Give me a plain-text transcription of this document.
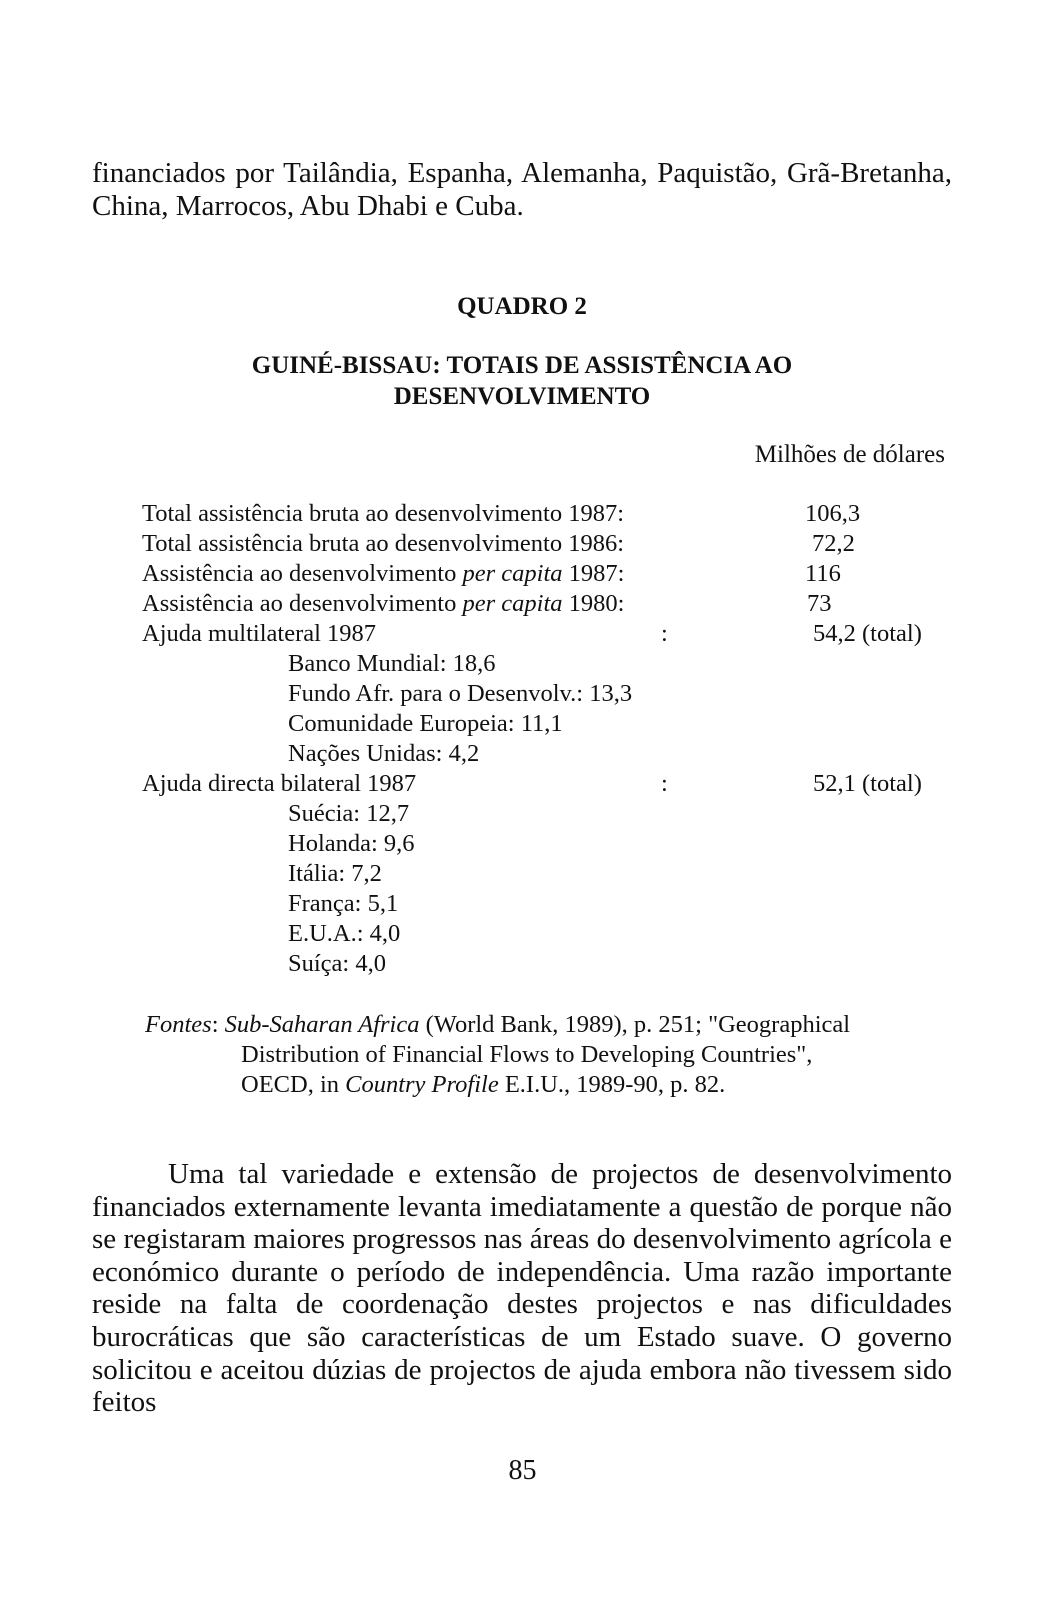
financiados por Tailândia, Espanha, Alemanha, Paquistão, Grã-Bretanha, China, Marrocos, Abu Dhabi e Cuba.

QUADRO 2

GUINÉ-BISSAU: TOTAIS DE ASSISTÊNCIA AO
DESENVOLVIMENTO

Milhões de dólares

Total assistência bruta ao desenvolvimento 1987:	106,3

Total assistência bruta ao desenvolvimento 1986:	72,2

Assistência ao desenvolvimento per capita 1987:	116

Assistência ao desenvolvimento per capita 1980:	73

Ajuda multilateral 1987	:	54,2 (total)

Banco Mundial: 18,6

Fundo Afr. para o Desenvolv.: 13,3

Comunidade Europeia: 11,1

Nações Unidas: 4,2

Ajuda directa bilateral 1987	:	52,1 (total)

Suécia: 12,7

Holanda: 9,6

Itália: 7,2

França: 5,1

E.U.A.: 4,0

Suíça: 4,0

Fontes: Sub-Saharan Africa (World Bank, 1989), p. 251; "Geographical
Distribution of Financial Flows to Developing Countries",
OECD, in Country Profile E.I.U., 1989-90, p. 82.

Uma tal variedade e extensão de projectos de desenvolvimento financiados externamente levanta imediatamente a questão de porque não se registaram maiores progressos nas áreas do desenvolvimento agrícola e económico durante o período de independência. Uma razão importante reside na falta de coordenação destes projectos e nas dificuldades burocráticas que são características de um Estado suave. O governo solicitou e aceitou dúzias de projectos de ajuda embora não tivessem sido feitos

85
